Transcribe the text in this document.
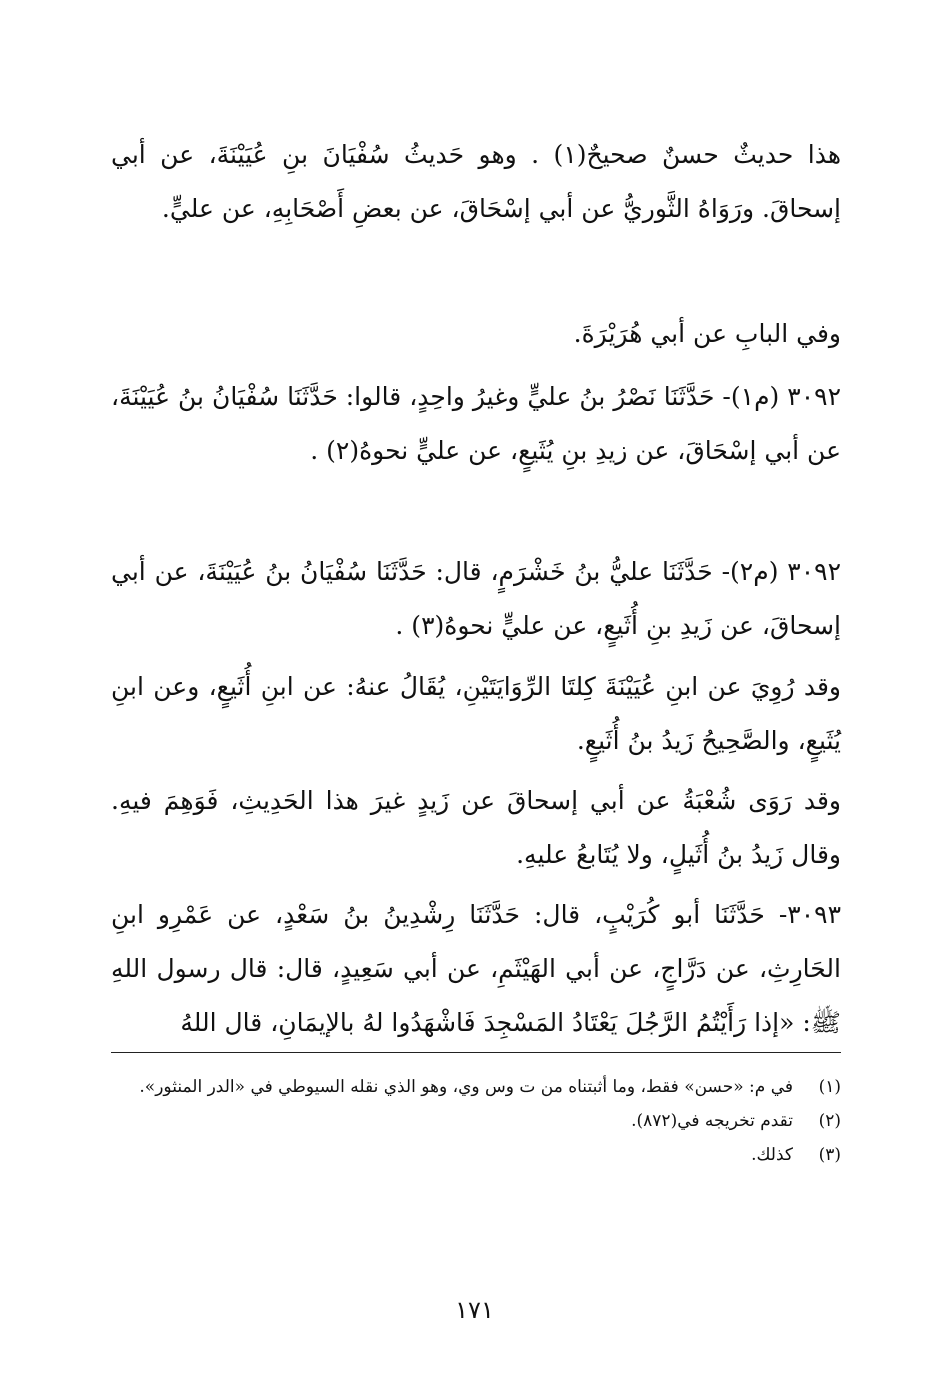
هذا حديثٌ حسنٌ صحيحٌ(١) . وهو حَديثُ سُفْيَانَ بنِ عُيَيْنَةَ، عن أبي إسحاقَ. ورَوَاهُ الثَّوريُّ عن أبي إسْحَاقَ، عن بعضِ أَصْحَابِهِ، عن عليٍّ.

وفي البابِ عن أبي هُرَيْرَةَ.

٣٠٩٢ (م١)- حَدَّثَنَا نَصْرُ بنُ عليٍّ وغيرُ واحِدٍ، قالوا: حَدَّثَنَا سُفْيَانُ بنُ عُيَيْنَةَ، عن أبي إسْحَاقَ، عن زيدِ بنِ يُثَيعٍ، عن عليٍّ نحوهُ(٢) .

٣٠٩٢ (م٢)- حَدَّثَنَا عليُّ بنُ خَشْرَمٍ، قال: حَدَّثَنَا سُفْيَانُ بنُ عُيَيْنَةَ، عن أبي إسحاقَ، عن زَيدِ بنِ أُثَيعٍ، عن عليٍّ نحوهُ(٣) .

وقد رُوِيَ عن ابنِ عُيَيْنَةَ كِلتَا الرِّوَايَتَيْنِ، يُقَالُ عنهُ: عن ابنِ أُثَيعٍ، وعن ابنِ يُثَيعٍ، والصَّحِيحُ زَيدُ بنُ أُثَيعٍ.

وقد رَوَى شُعْبَةُ عن أبي إسحاقَ عن زَيدٍ غيرَ هذا الحَدِيثِ، فَوَهِمَ فيهِ. وقال زَيدُ بنُ أُثَيلٍ، ولا يُتَابعُ عليهِ.

٣٠٩٣- حَدَّثَنَا أبو كُرَيْبٍ، قال: حَدَّثَنَا رِشْدِينُ بنُ سَعْدٍ، عن عَمْرِو ابنِ الحَارِثِ، عن دَرَّاجٍ، عن أبي الهَيْثَمِ، عن أبي سَعِيدٍ، قال: قال رسول اللهِ ﷺ: «إذا رَأَيْتُمُ الرَّجُلَ يَعْتَادُ المَسْجِدَ فَاشْهَدُوا لهُ بالإيمَانِ، قال اللهُ

(١)
في م: «حسن» فقط، وما أثبتناه من ت وس وي، وهو الذي نقله السيوطي في «الدر المنثور».
(٢)
تقدم تخريجه في(٨٧٢).
(٣)
كذلك.
١٧١
